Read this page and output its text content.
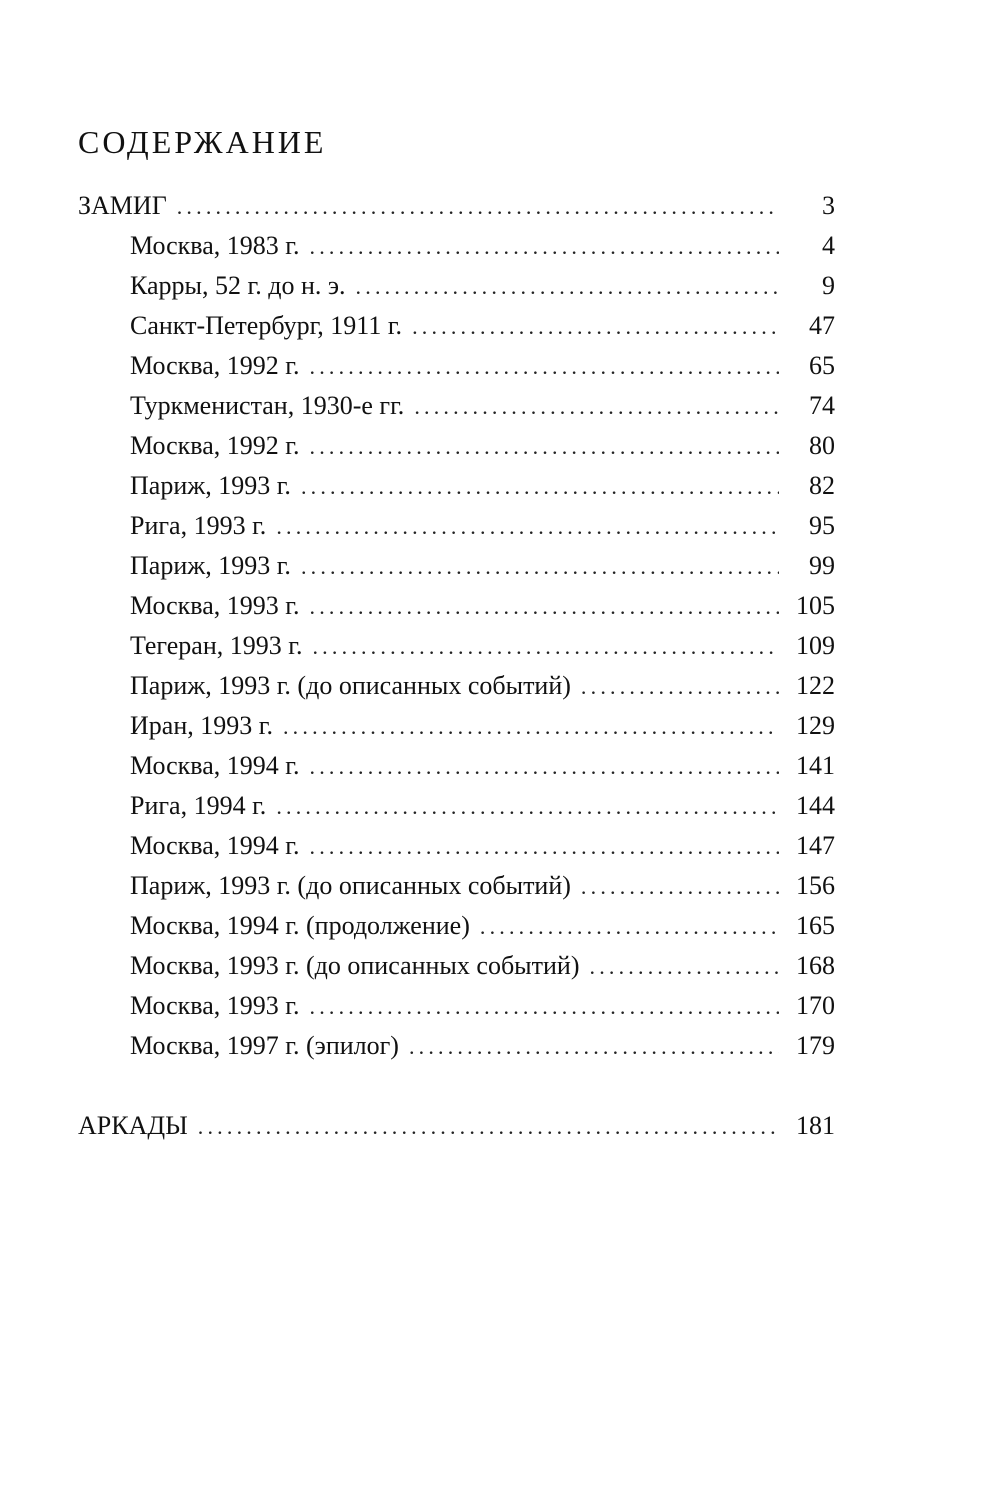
СОДЕРЖАНИЕ
ЗАМИГ .....	3
Москва, 1983 г. .....	4
Карры, 52 г. до н. э. .....	9
Санкт-Петербург, 1911 г. .....	47
Москва, 1992 г. .....	65
Туркменистан, 1930-е гг. .....	74
Москва, 1992 г. .....	80
Париж, 1993 г. .....	82
Рига, 1993 г. .....	95
Париж, 1993 г. .....	99
Москва, 1993 г. .....	105
Тегеран, 1993 г. .....	109
Париж, 1993 г. (до описанных событий) .....	122
Иран, 1993 г. .....	129
Москва, 1994 г. .....	141
Рига, 1994 г. .....	144
Москва, 1994 г. .....	147
Париж, 1993 г. (до описанных событий) .....	156
Москва, 1994 г. (продолжение) .....	165
Москва, 1993 г. (до описанных событий) .....	168
Москва, 1993 г. .....	170
Москва, 1997 г. (эпилог) .....	179
АРКАДЫ .....	181
